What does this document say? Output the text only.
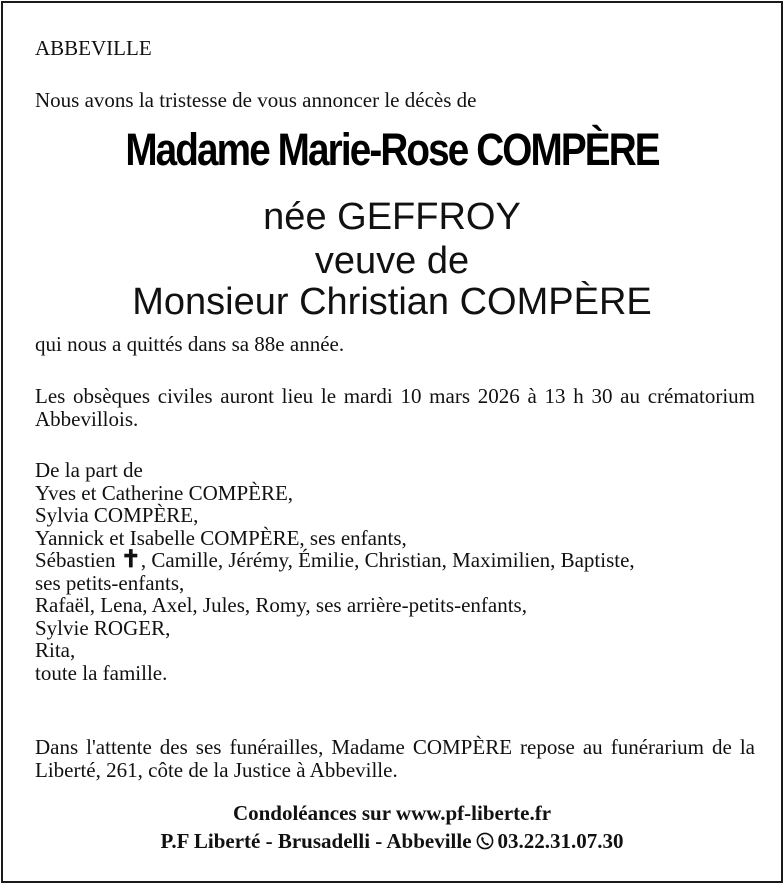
ABBEVILLE
Nous avons la tristesse de vous annoncer le décès de
Madame Marie-Rose COMPÈRE
née GEFFROY
veuve de
Monsieur Christian COMPÈRE
qui nous a quittés dans sa 88e année.
Les obsèques civiles auront lieu le mardi 10 mars 2026 à 13 h 30 au crématorium Abbevillois.
De la part de
Yves et Catherine COMPÈRE,
Sylvia COMPÈRE,
Yannick et Isabelle COMPÈRE, ses enfants,
Sébastien ✝, Camille, Jérémy, Émilie, Christian, Maximilien, Baptiste,
ses petits-enfants,
Rafaël, Lena, Axel, Jules, Romy, ses arrière-petits-enfants,
Sylvie ROGER,
Rita,
toute la famille.
Dans l'attente des ses funérailles, Madame COMPÈRE repose au funérarium de la Liberté, 261, côte de la Justice à Abbeville.
Condoléances sur www.pf-liberte.fr
P.F Liberté - Brusadelli - Abbeville 03.22.31.07.30
